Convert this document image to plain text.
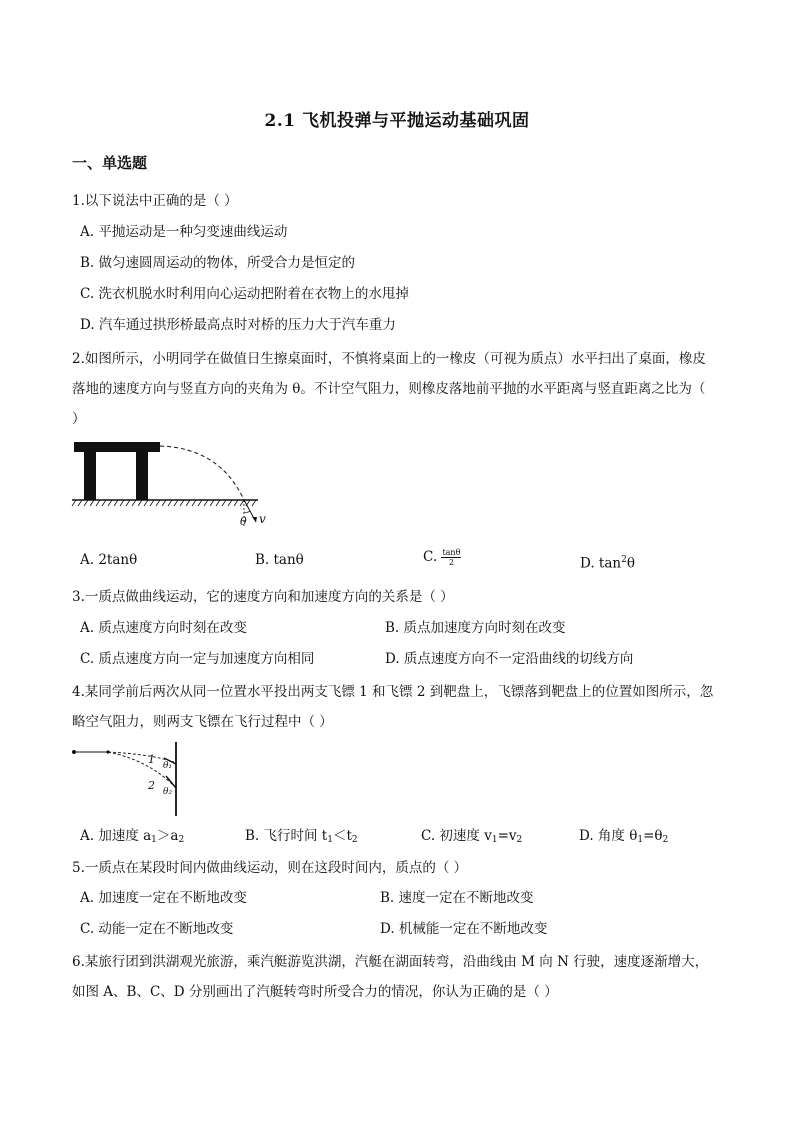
2.1 飞机投弹与平抛运动基础巩固
一、单选题
1.以下说法中正确的是（ ）
A. 平抛运动是一种匀变速曲线运动
B. 做匀速圆周运动的物体，所受合力是恒定的
C. 洗衣机脱水时利用向心运动把附着在衣物上的水甩掉
D. 汽车通过拱形桥最高点时对桥的压力大于汽车重力
2.如图所示，小明同学在做值日生擦桌面时，不慎将桌面上的一橡皮（可视为质点）水平扫出了桌面，橡皮
落地的速度方向与竖直方向的夹角为 θ。不计空气阻力，则橡皮落地前平抛的水平距离与竖直距离之比为（
）
v
θ
A. 2tanθ	B. tanθ	C. $\frac{\tan\theta}{2}$	D. $\tan^2\theta$
3.一质点做曲线运动，它的速度方向和加速度方向的关系是（ ）
A. 质点速度方向时刻在改变	B. 质点加速度方向时刻在改变
C. 质点速度方向一定与加速度方向相同	D. 质点速度方向不一定沿曲线的切线方向
4.某同学前后两次从同一位置水平投出两支飞镖 1 和飞镖 2 到靶盘上，飞镖落到靶盘上的位置如图所示，忽
略空气阻力，则两支飞镖在飞行过程中（ ）
1
2
θ₁
θ₂
A. 加速度 $a_1>a_2$	B. 飞行时间 $t_1<t_2$	C. 初速度 $v_1=v_2$	D. 角度 $\theta_1=\theta_2$
5.一质点在某段时间内做曲线运动，则在这段时间内，质点的（ ）
A. 加速度一定在不断地改变	B. 速度一定在不断地改变
C. 动能一定在不断地改变	D. 机械能一定在不断地改变
6.某旅行团到洪湖观光旅游，乘汽艇游览洪湖，汽艇在湖面转弯，沿曲线由 M 向 N 行驶，速度逐渐增大，
如图 A、B、C、D 分别画出了汽艇转弯时所受合力的情况，你认为正确的是（ ）
